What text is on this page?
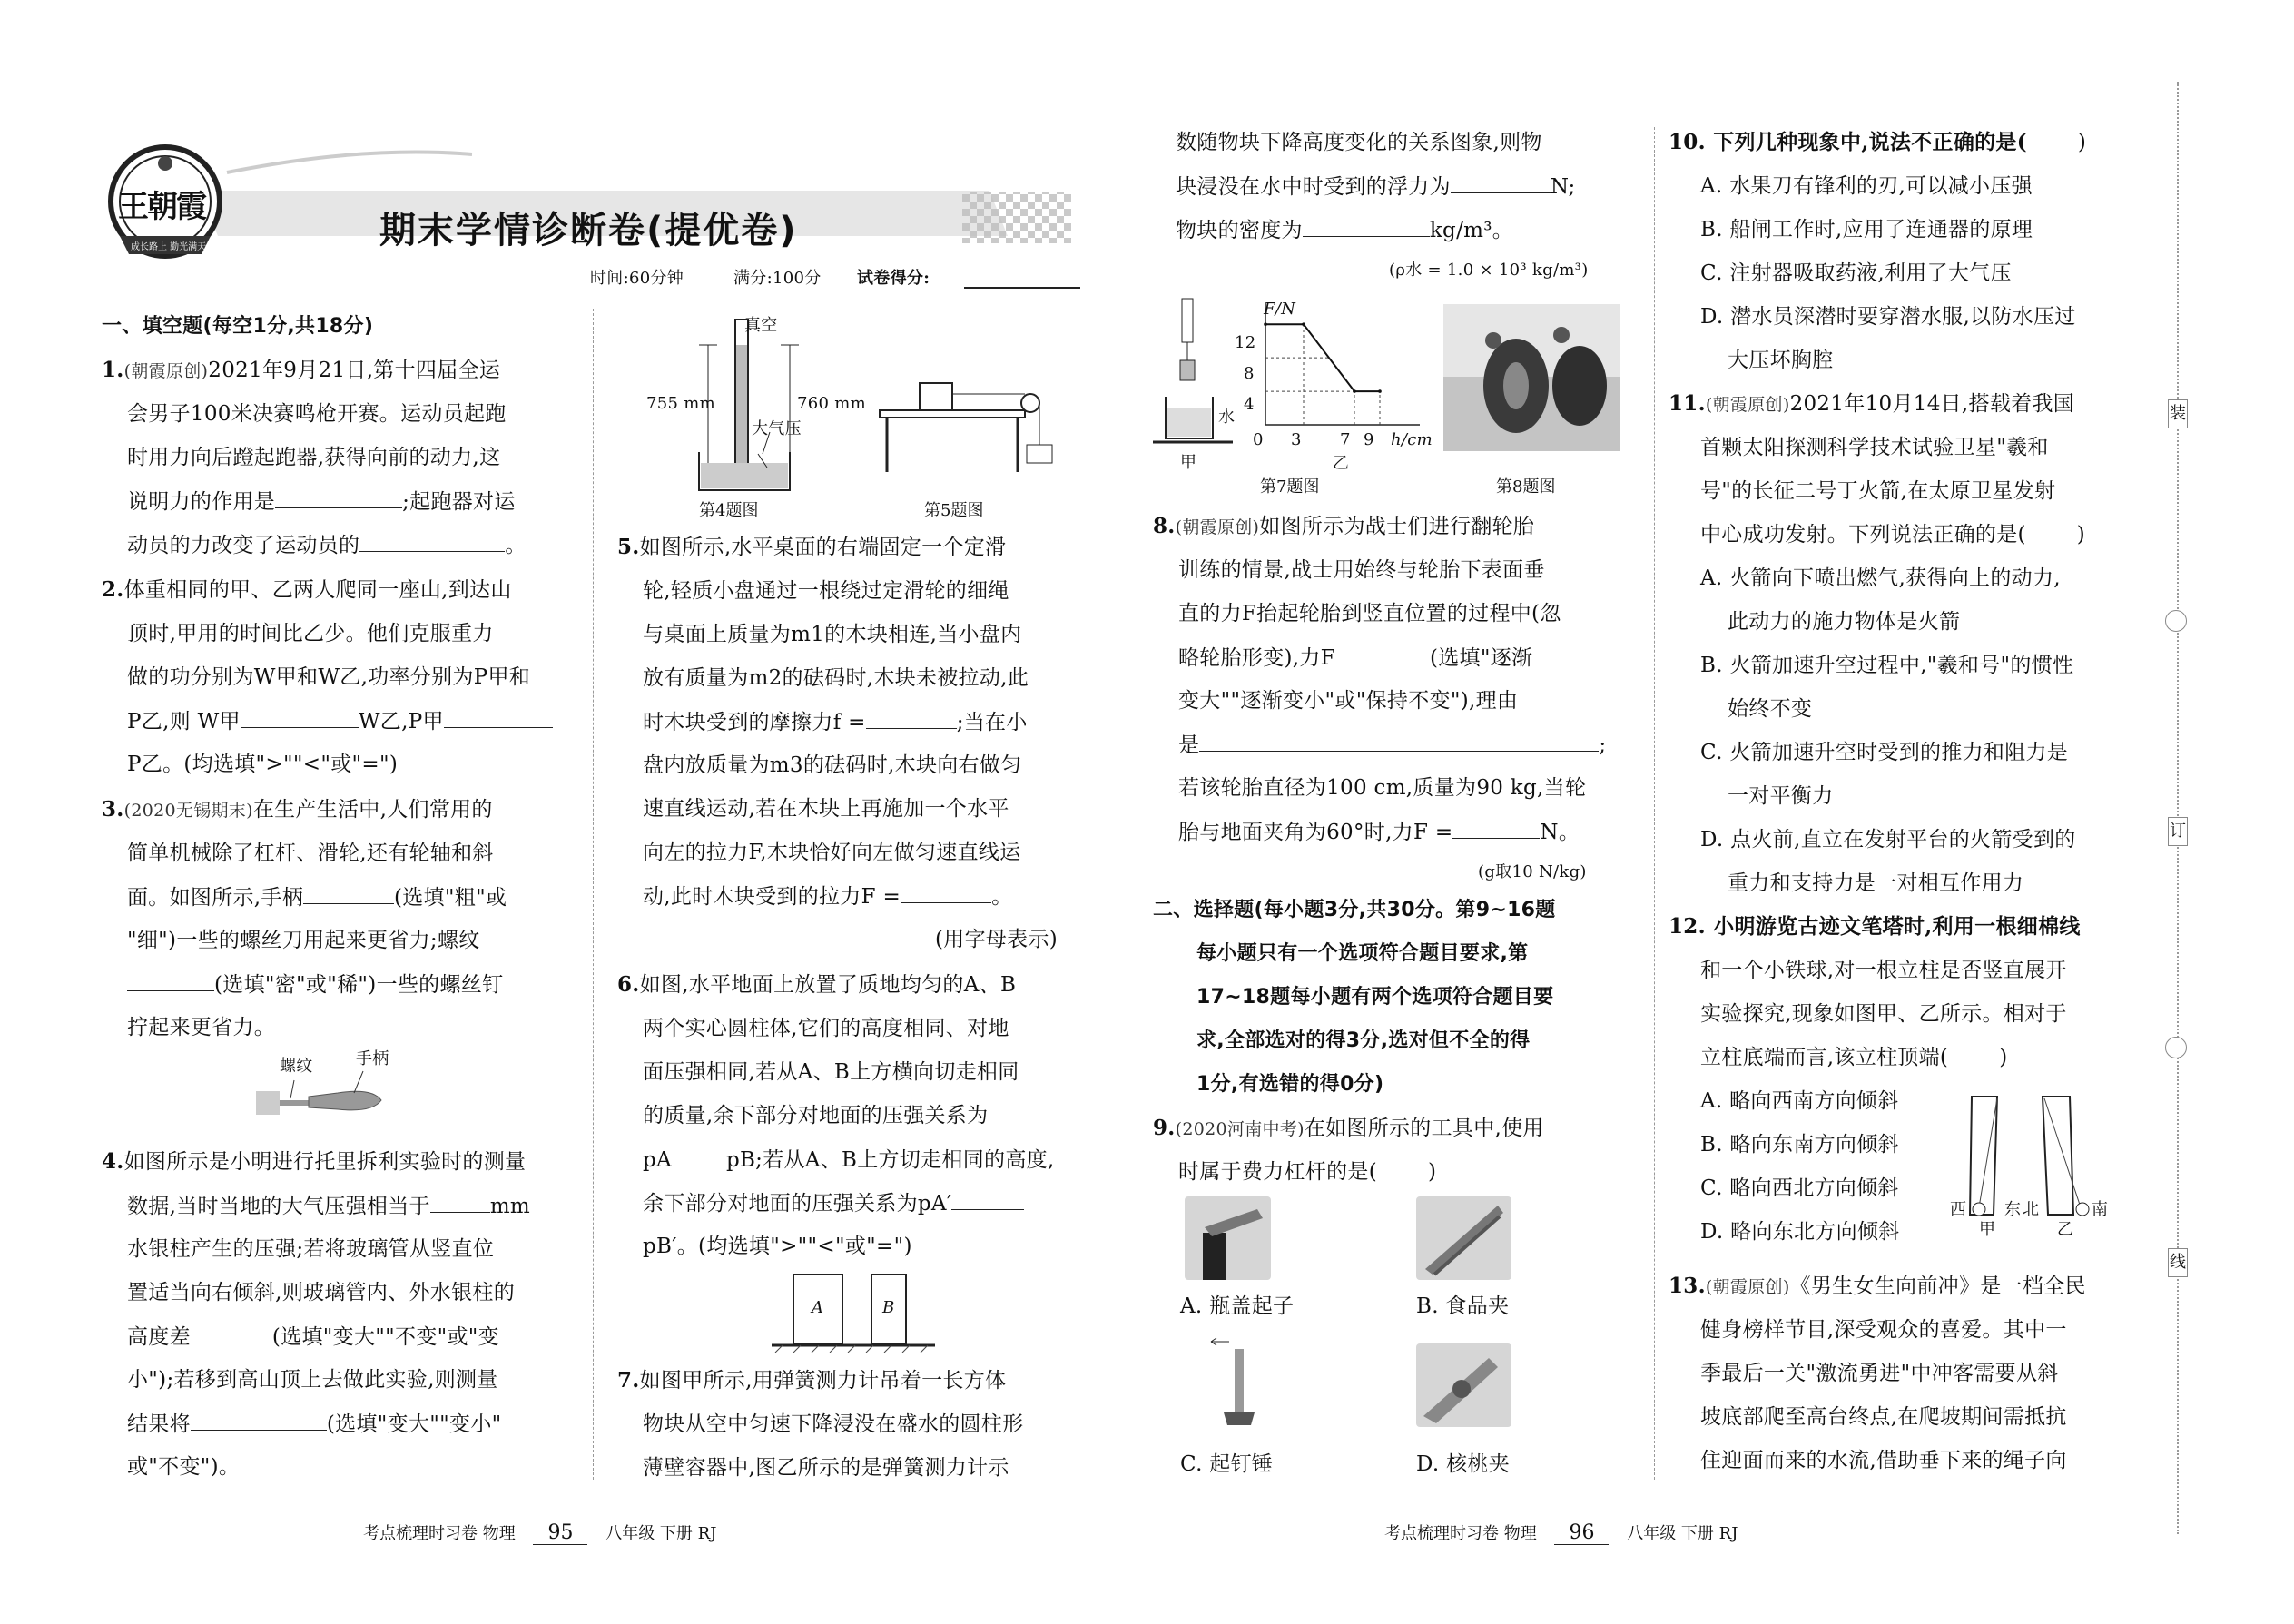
王朝霞
成长路上 勤光满天	期末学情诊断卷(提优卷)
时间:60分钟	满分:100分 试卷得分:
装
订
线
一、填空题(每空1分,共18分)
1.(朝霞原创)2021年9月21日,第十四届全运
会男子100米决赛鸣枪开赛。运动员起跑
时用力向后蹬起跑器,获得向前的动力,这
说明力的作用是	;起跑器对运
动员的力改变了运动员的	。
2.体重相同的甲、乙两人爬同一座山,到达山
顶时,甲用的时间比乙少。他们克服重力
做的功分别为W甲和W乙,功率分别为P甲和
P乙,则 W甲	W乙,P甲
P乙。(均选填">""<"或"=")
3.(2020无锡期末)在生产生活中,人们常用的
简单机械除了杠杆、滑轮,还有轮轴和斜
面。如图所示,手柄	(选填"粗"或
"细")一些的螺丝刀用起来更省力;螺纹
(选填"密"或"稀")一些的螺丝钉
拧起来更省力。
螺纹	手柄
4.如图所示是小明进行托里拆利实验时的测量
数据,当时当地的大气压强相当于	mm
水银柱产生的压强;若将玻璃管从竖直位
置适当向右倾斜,则玻璃管内、外水银柱的
高度差	(选填"变大""不变"或"变
小");若移到高山顶上去做此实验,则测量
结果将	(选填"变大""变小"
或"不变")。
真空
755 mm	760 mm
大气压
第4题图	第5题图
5.如图所示,水平桌面的右端固定一个定滑
轮,轻质小盘通过一根绕过定滑轮的细绳
与桌面上质量为m1的木块相连,当小盘内
放有质量为m2的砝码时,木块未被拉动,此
时木块受到的摩擦力f =	;当在小
盘内放质量为m3的砝码时,木块向右做匀
速直线运动,若在木块上再施加一个水平
向左的拉力F,木块恰好向左做匀速直线运
动,此时木块受到的拉力F =	。
(用字母表示)
6.如图,水平地面上放置了质地均匀的A、B
两个实心圆柱体,它们的高度相同、对地
面压强相同,若从A、B上方横向切走相同
的质量,余下部分对地面的压强关系为
pA	pB;若从A、B上方切走相同的高度,
余下部分对地面的压强关系为pA′
pB′。(均选填">""<"或"=")
A	B
7.如图甲所示,用弹簧测力计吊着一长方体
物块从空中匀速下降浸没在盛水的圆柱形
薄壁容器中,图乙所示的是弹簧测力计示
数随物块下降高度变化的关系图象,则物
块浸没在水中时受到的浮力为	N;
物块的密度为	kg/m³。
(ρ水 = 1.0 × 10³ kg/m³)
水
甲
F/N
h/cm
12
8
4
0 3 7 9
乙
第7题图	第8题图
8.(朝霞原创)如图所示为战士们进行翻轮胎
训练的情景,战士用始终与轮胎下表面垂
直的力F抬起轮胎到竖直位置的过程中(忽
略轮胎形变),力F	(选填"逐渐
变大""逐渐变小"或"保持不变"),理由
是	;
若该轮胎直径为100 cm,质量为90 kg,当轮
胎与地面夹角为60°时,力F =	N。
(g取10 N/kg)
二、选择题(每小题3分,共30分。第9~16题
每小题只有一个选项符合题目要求,第
17~18题每小题有两个选项符合题目要
求,全部选对的得3分,选对但不全的得
1分,有选错的得0分)
9.(2020河南中考)在如图所示的工具中,使用
时属于费力杠杆的是( )
A. 瓶盖起子	B. 食品夹
C. 起钉锤	D. 核桃夹
10. 下列几种现象中,说法不正确的是( )
A. 水果刀有锋利的刃,可以减小压强
B. 船闸工作时,应用了连通器的原理
C. 注射器吸取药液,利用了大气压
D. 潜水员深潜时要穿潜水服,以防水压过
大压坏胸腔
11.(朝霞原创)2021年10月14日,搭载着我国
首颗太阳探测科学技术试验卫星"羲和
号"的长征二号丁火箭,在太原卫星发射
中心成功发射。下列说法正确的是( )
A. 火箭向下喷出燃气,获得向上的动力,
此动力的施力物体是火箭
B. 火箭加速升空过程中,"羲和号"的惯性
始终不变
C. 火箭加速升空时受到的推力和阻力是
一对平衡力
D. 点火前,直立在发射平台的火箭受到的
重力和支持力是一对相互作用力
12. 小明游览古迹文笔塔时,利用一根细棉线
和一个小铁球,对一根立柱是否竖直展开
实验探究,现象如图甲、乙所示。相对于
立柱底端而言,该立柱顶端( )
A. 略向西南方向倾斜
B. 略向东南方向倾斜
C. 略向西北方向倾斜
D. 略向东北方向倾斜
西 东 北	南
甲	乙
13.(朝霞原创)《男生女生向前冲》是一档全民
健身榜样节目,深受观众的喜爱。其中一
季最后一关"激流勇进"中冲客需要从斜
坡底部爬至高台终点,在爬坡期间需抵抗
住迎面而来的水流,借助垂下来的绳子向
考点梳理时习卷 物理 95 八年级 下册 RJ	考点梳理时习卷 物理 96 八年级 下册 RJ
